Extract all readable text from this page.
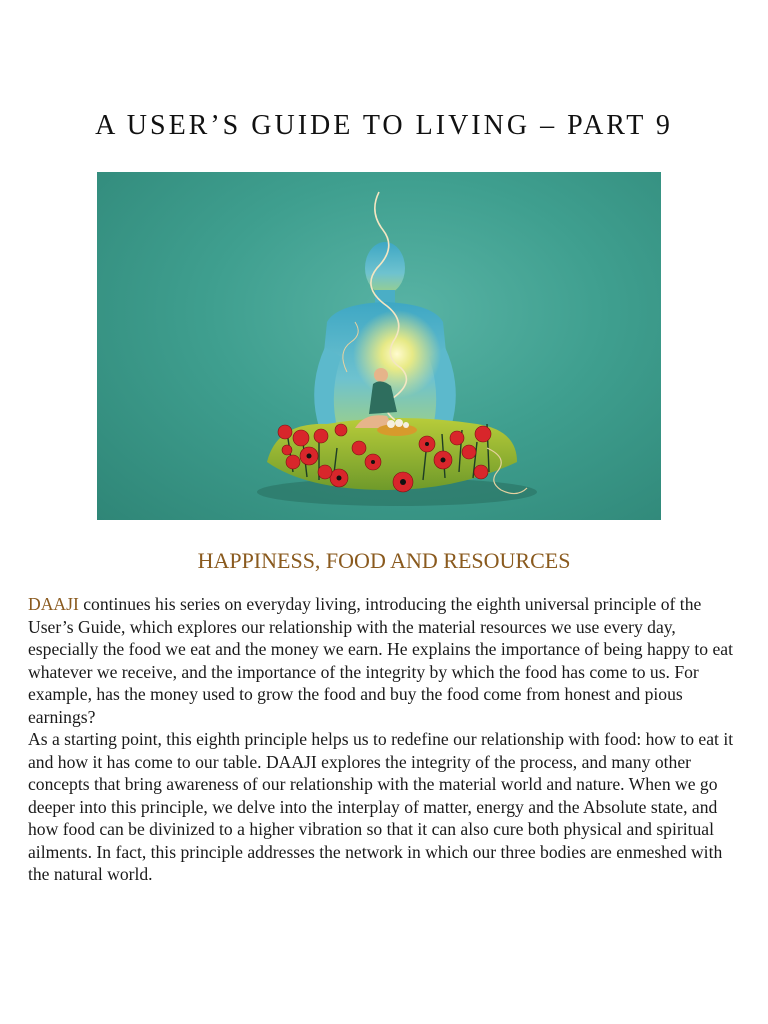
A USER’S GUIDE TO LIVING – PART 9
HAPPINESS, FOOD AND RESOURCES

DAAJI continues his series on everyday living, introducing the eighth universal principle of the User’s Guide, which explores our relationship with the material resources we use every day, especially the food we eat and the money we earn. He explains the importance of being happy to eat whatever we receive, and the importance of the integrity by which the food has come to us. For example, has the money used to grow the food and buy the food come from honest and pious earnings?

As a starting point, this eighth principle helps us to redefine our relationship with food: how to eat it and how it has come to our table. DAAJI explores the integrity of the process, and many other concepts that bring awareness of our relationship with the material world and nature. When we go deeper into this principle, we delve into the interplay of matter, energy and the Absolute state, and how food can be divinized to a higher vibration so that it can also cure both physical and spiritual ailments. In fact, this principle addresses the network in which our three bodies are enmeshed with the natural world.
